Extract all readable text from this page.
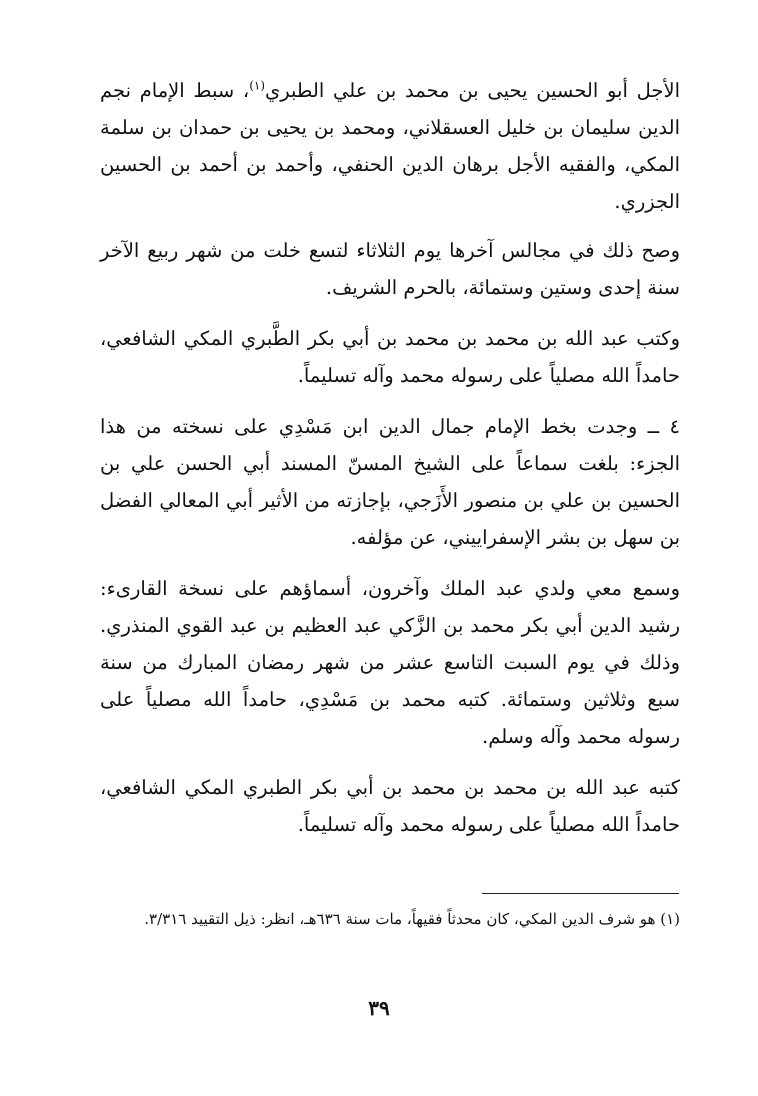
الأجل أبو الحسين يحيى بن محمد بن علي الطبري$^{(١)}$، سبط الإمام نجم الدين سليمان بن خليل العسقلاني، ومحمد بن يحيى بن حمدان بن سلمة المكي، والفقيه الأجل برهان الدين الحنفي، وأحمد بن أحمد بن الحسين الجزري.

وصح ذلك في مجالس آخرها يوم الثلاثاء لتسع خلت من شهر ربيع الآخر سنة إحدى وستين وستمائة، بالحرم الشريف.

وكتب عبد الله بن محمد بن محمد بن أبي بكر الطَّبري المكي الشافعي، حامداً الله مصلياً على رسوله محمد وآله تسليماً.

٤ ــ وجدت بخط الإمام جمال الدين ابن مَسْدِي على نسخته من هذا الجزء: بلغت سماعاً على الشيخ المسنّ المسند أبي الحسن علي بن الحسين بن علي بن منصور الأَزَجي، بإجازته من الأثير أبي المعالي الفضل بن سهل بن بشر الإسفراييني، عن مؤلفه.

وسمع معي ولدي عبد الملك وآخرون، أسماؤهم على نسخة القارىء: رشيد الدين أبي بكر محمد بن الزَّكي عبد العظيم بن عبد القوي المنذري. وذلك في يوم السبت التاسع عشر من شهر رمضان المبارك من سنة سبع وثلاثين وستمائة. كتبه محمد بن مَسْدِي، حامداً الله مصلياً على رسوله محمد وآله وسلم.

كتبه عبد الله بن محمد بن محمد بن أبي بكر الطبري المكي الشافعي، حامداً الله مصلياً على رسوله محمد وآله تسليماً.

(١) هو شرف الدين المكي، كان محدثاً فقيهاً، مات سنة ٦٣٦هـ، انظر: ذيل التقييد ٣/٣١٦.
٣٩
